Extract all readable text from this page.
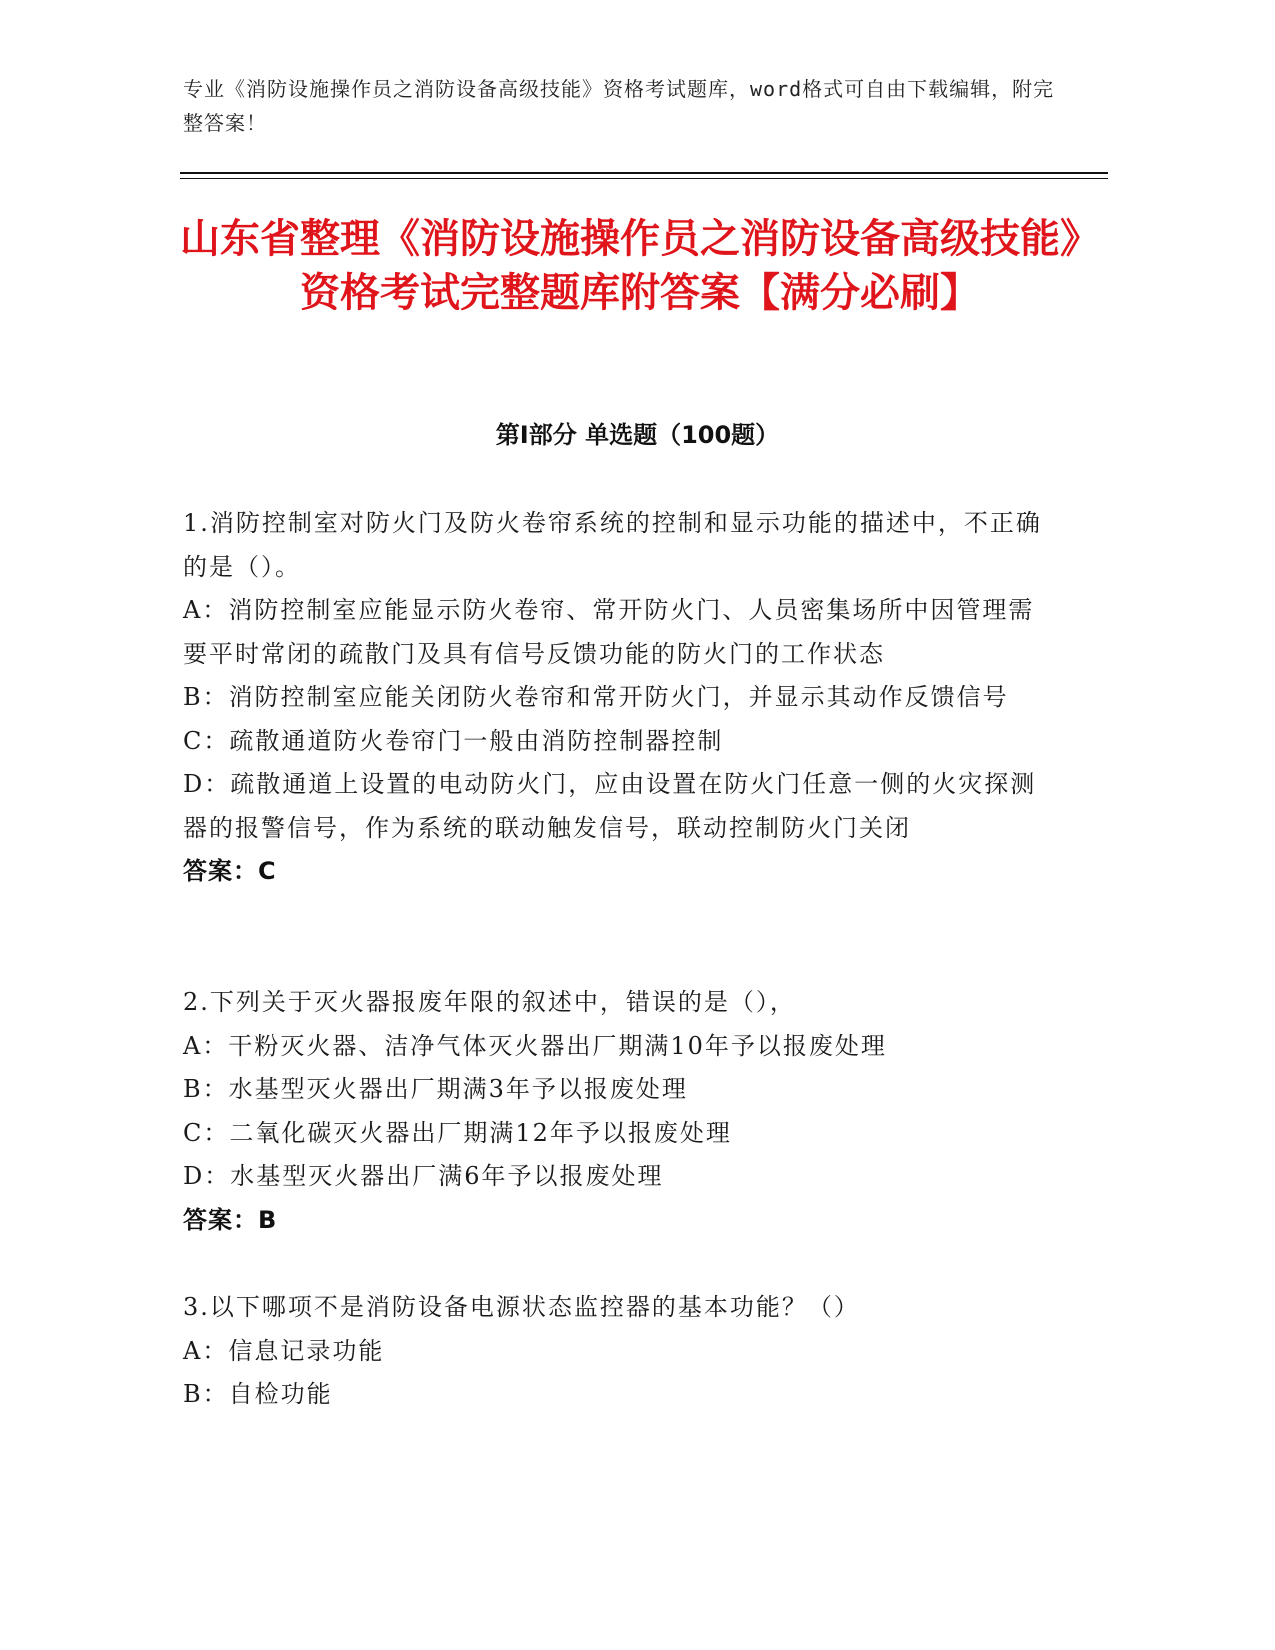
专业《消防设施操作员之消防设备高级技能》资格考试题库，word格式可自由下载编辑，附完整答案！
山东省整理《消防设施操作员之消防设备高级技能》资格考试完整题库附答案【满分必刷】
第I部分 单选题（100题）

1.消防控制室对防火门及防火卷帘系统的控制和显示功能的描述中，不正确的是（）。

A：消防控制室应能显示防火卷帘、常开防火门、人员密集场所中因管理需要平时常闭的疏散门及具有信号反馈功能的防火门的工作状态

B：消防控制室应能关闭防火卷帘和常开防火门，并显示其动作反馈信号

C：疏散通道防火卷帘门一般由消防控制器控制

D：疏散通道上设置的电动防火门，应由设置在防火门任意一侧的火灾探测器的报警信号，作为系统的联动触发信号，联动控制防火门关闭

答案：C

2.下列关于灭火器报废年限的叙述中，错误的是（），

A：干粉灭火器、洁净气体灭火器出厂期满10年予以报废处理

B：水基型灭火器出厂期满3年予以报废处理

C：二氧化碳灭火器出厂期满12年予以报废处理

D：水基型灭火器出厂满6年予以报废处理

答案：B

3.以下哪项不是消防设备电源状态监控器的基本功能？（）

A：信息记录功能

B：自检功能
